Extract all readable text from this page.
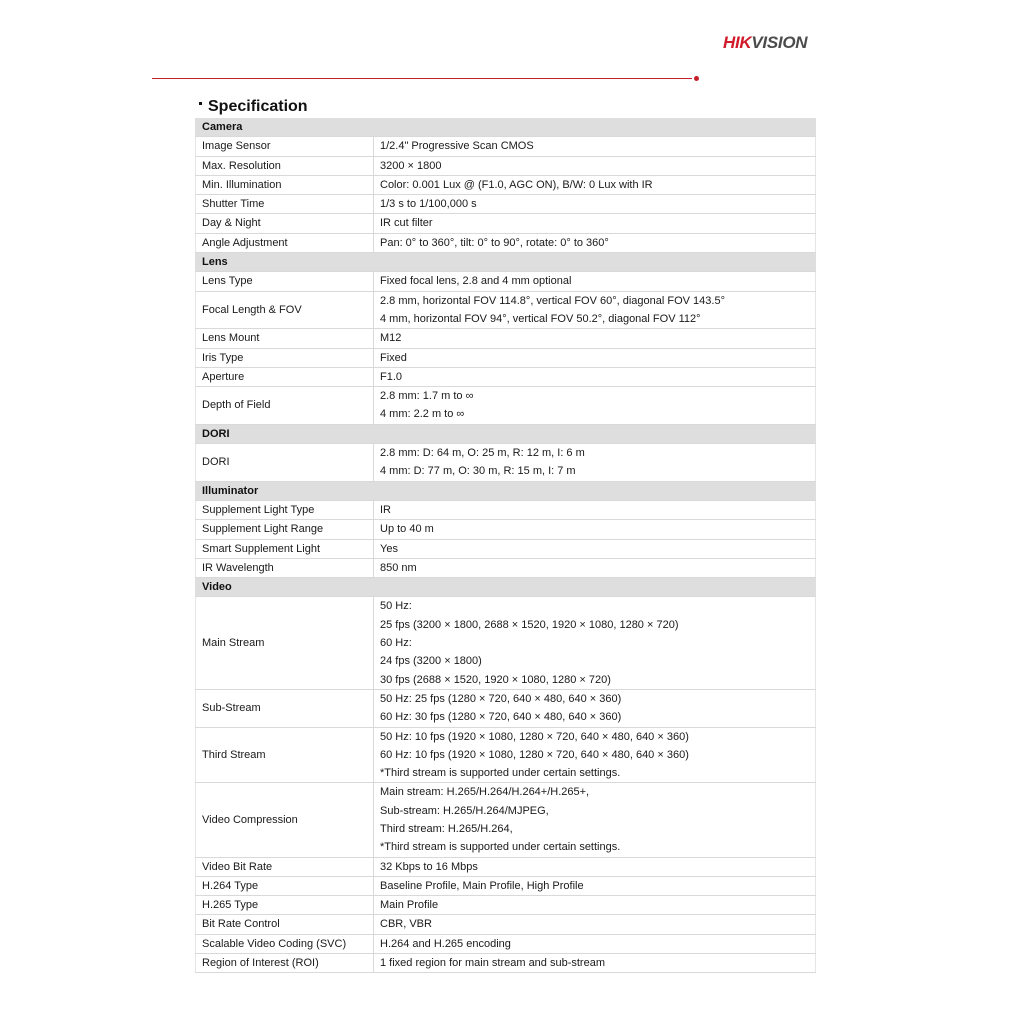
HIKVISION
Specification
Camera	
Image Sensor	1/2.4" Progressive Scan CMOS

Max. Resolution	3200 × 1800

Min. Illumination	Color: 0.001 Lux @ (F1.0, AGC ON), B/W: 0 Lux with IR

Shutter Time	1/3 s to 1/100,000 s

Day & Night	IR cut filter

Angle Adjustment	Pan: 0° to 360°, tilt: 0° to 90°, rotate: 0° to 360°

Lens	
Lens Type	Fixed focal lens, 2.8 and 4 mm optional

Focal Length & FOV	2.8 mm, horizontal FOV 114.8°, vertical FOV 60°, diagonal FOV 143.5°
4 mm, horizontal FOV 94°, vertical FOV 50.2°, diagonal FOV 112°

Lens Mount	M12

Iris Type	Fixed

Aperture	F1.0

Depth of Field	2.8 mm: 1.7 m to ∞
4 mm: 2.2 m to ∞

DORI	
DORI	2.8 mm: D: 64 m, O: 25 m, R: 12 m, I: 6 m
4 mm: D: 77 m, O: 30 m, R: 15 m, I: 7 m

Illuminator	
Supplement Light Type	IR

Supplement Light Range	Up to 40 m

Smart Supplement Light	Yes

IR Wavelength	850 nm

Video	
Main Stream	50 Hz:
25 fps (3200 × 1800, 2688 × 1520, 1920 × 1080, 1280 × 720)
60 Hz:
24 fps (3200 × 1800)
30 fps (2688 × 1520, 1920 × 1080, 1280 × 720)

Sub-Stream	50 Hz: 25 fps (1280 × 720, 640 × 480, 640 × 360)
60 Hz: 30 fps (1280 × 720, 640 × 480, 640 × 360)

Third Stream	50 Hz: 10 fps (1920 × 1080, 1280 × 720, 640 × 480, 640 × 360)
60 Hz: 10 fps (1920 × 1080, 1280 × 720, 640 × 480, 640 × 360)
*Third stream is supported under certain settings.

Video Compression	Main stream: H.265/H.264/H.264+/H.265+,
Sub-stream: H.265/H.264/MJPEG,
Third stream: H.265/H.264,
*Third stream is supported under certain settings.

Video Bit Rate	32 Kbps to 16 Mbps

H.264 Type	Baseline Profile, Main Profile, High Profile

H.265 Type	Main Profile

Bit Rate Control	CBR, VBR

Scalable Video Coding (SVC)	H.264 and H.265 encoding

Region of Interest (ROI)	1 fixed region for main stream and sub-stream
